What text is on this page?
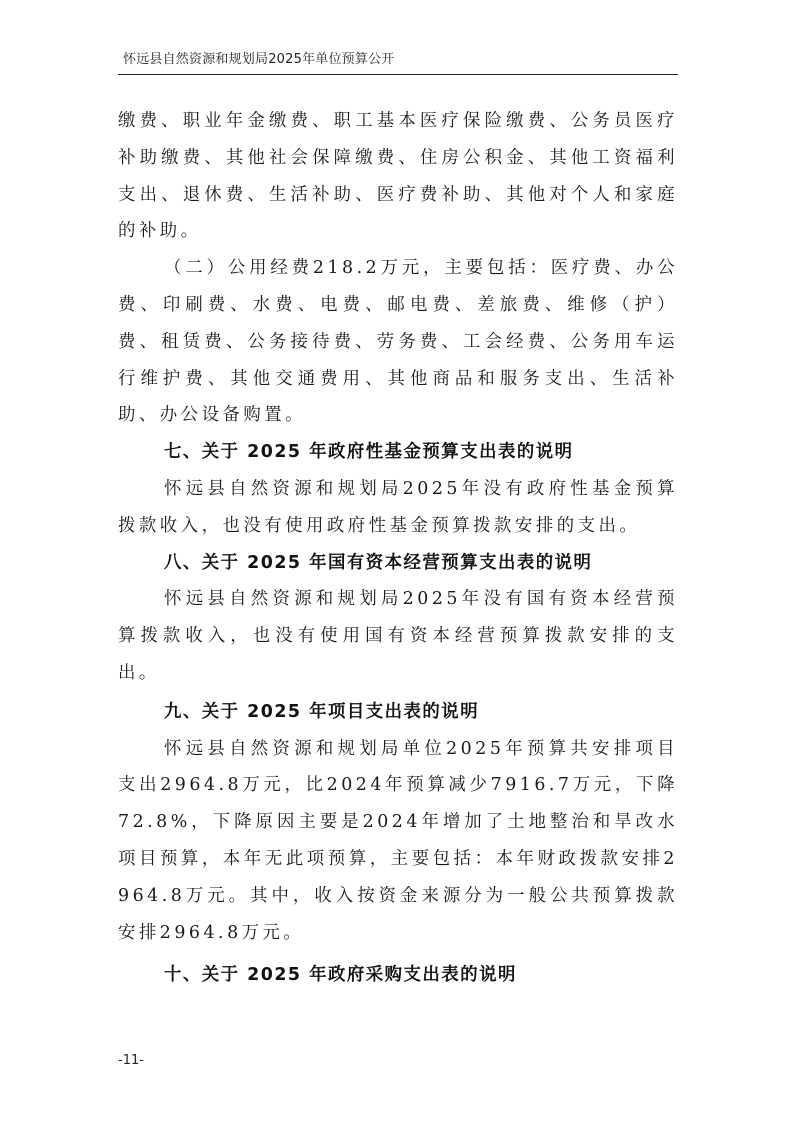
怀远县自然资源和规划局2025年单位预算公开

缴费、职业年金缴费、职工基本医疗保险缴费、公务员医疗补助缴费、其他社会保障缴费、住房公积金、其他工资福利支出、退休费、生活补助、医疗费补助、其他对个人和家庭的补助。

（二）公用经费218.2万元，主要包括：医疗费、办公费、印刷费、水费、电费、邮电费、差旅费、维修（护）费、租赁费、公务接待费、劳务费、工会经费、公务用车运行维护费、其他交通费用、其他商品和服务支出、生活补助、办公设备购置。

七、关于 2025 年政府性基金预算支出表的说明

怀远县自然资源和规划局2025年没有政府性基金预算拨款收入，也没有使用政府性基金预算拨款安排的支出。

八、关于 2025 年国有资本经营预算支出表的说明

怀远县自然资源和规划局2025年没有国有资本经营预算拨款收入，也没有使用国有资本经营预算拨款安排的支出。

九、关于 2025 年项目支出表的说明

怀远县自然资源和规划局单位2025年预算共安排项目支出2964.8万元，比2024年预算减少7916.7万元，下降72.8%，下降原因主要是2024年增加了土地整治和旱改水项目预算，本年无此项预算，主要包括：本年财政拨款安排2964.8万元。其中，收入按资金来源分为一般公共预算拨款安排2964.8万元。

十、关于 2025 年政府采购支出表的说明

-11-
